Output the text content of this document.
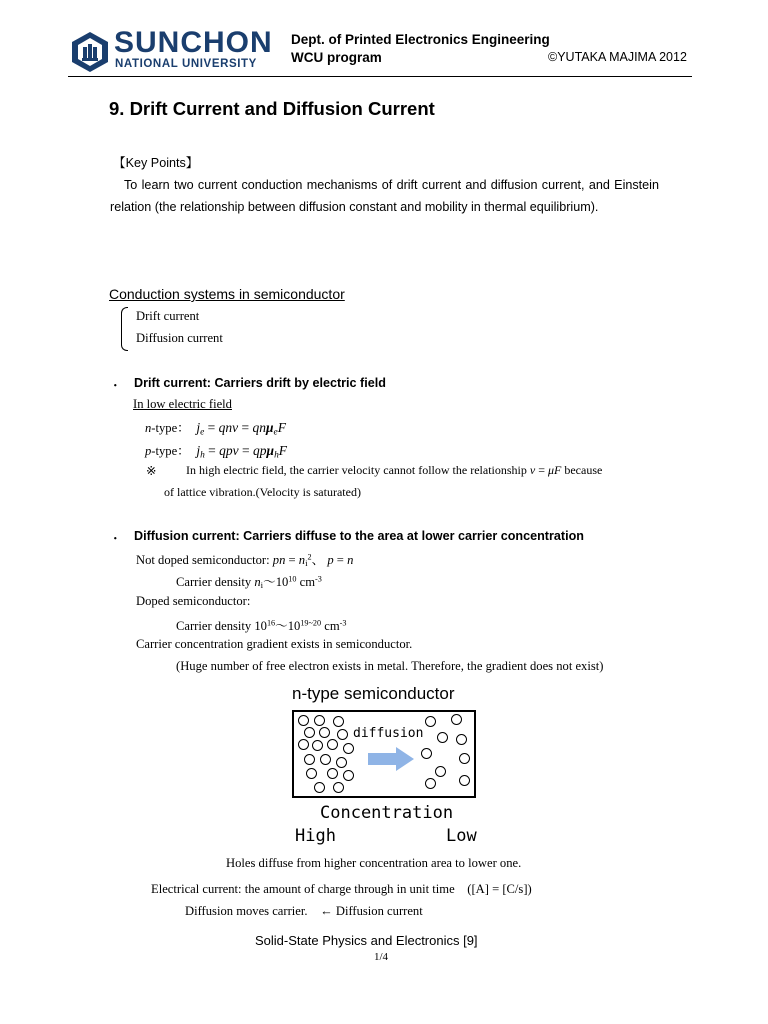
SUNCHON
NATIONAL UNIVERSITY
Dept. of Printed Electronics Engineering
WCU program	©YUTAKA MAJIMA 2012
9. Drift Current and Diffusion Current
【Key Points】
To learn two current conduction mechanisms of drift current and diffusion current, and Einstein relation (the relationship between diffusion constant and mobility in thermal equilibrium).
Conduction systems in semiconductor
Drift current
Diffusion current
・ Drift current: Carriers drift by electric field
In low electric field
n-type： $j_e$ = qnv = qnμ$_e$F
p-type： $j_h$ = qpv = qpμ$_h$F
※ In high electric field, the carrier velocity cannot follow the relationship v = μF because
of lattice vibration.(Velocity is saturated)
・ Diffusion current: Carriers diffuse to the area at lower carrier concentration
Not doped semiconductor: pn = $n_i^2$、 p = n
Carrier density $n_i\sim 10^{10}$ $cm^{-3}$
Doped semiconductor:
Carrier density $10^{16}\sim 10^{19\sim 20}$ $cm^{-3}$
Carrier concentration gradient exists in semiconductor.
(Huge number of free electron exists in metal. Therefore, the gradient does not exist)
n-type semiconductor
diffusion
Concentration
High	Low
Holes diffuse from higher concentration area to lower one.
Electrical current: the amount of charge through in unit time　([A] = [C/s])
Diffusion moves carrier.　← Diffusion current
Solid-State Physics and Electronics [9]
1/4
